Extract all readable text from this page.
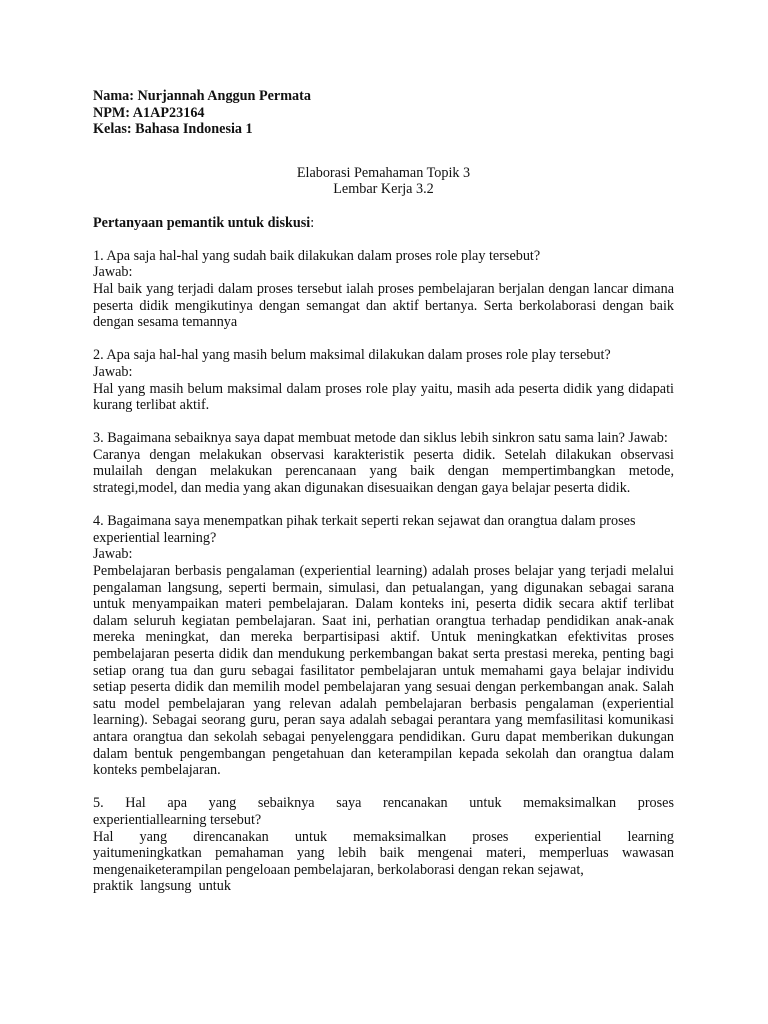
Nama: Nurjannah Anggun Permata
NPM: A1AP23164
Kelas: Bahasa Indonesia 1
Elaborasi Pemahaman Topik 3
Lembar Kerja 3.2
Pertanyaan pemantik untuk diskusi:
1. Apa saja hal-hal yang sudah baik dilakukan dalam proses role play tersebut?
Jawab:
Hal baik yang terjadi dalam proses tersebut ialah proses pembelajaran berjalan dengan lancar dimana peserta didik mengikutinya dengan semangat dan aktif bertanya. Serta berkolaborasi dengan baik dengan sesama temannya
2. Apa saja hal-hal yang masih belum maksimal dilakukan dalam proses role play tersebut?
Jawab:
Hal yang masih belum maksimal dalam proses role play yaitu, masih ada peserta didik yang didapati kurang terlibat aktif.
3. Bagaimana sebaiknya saya dapat membuat metode dan siklus lebih sinkron satu sama lain? Jawab:
Caranya dengan melakukan observasi karakteristik peserta didik. Setelah dilakukan observasi mulailah dengan melakukan perencanaan yang baik dengan mempertimbangkan metode, strategi,model, dan media yang akan digunakan disesuaikan dengan gaya belajar peserta didik.
4. Bagaimana saya menempatkan pihak terkait seperti rekan sejawat dan orangtua dalam proses experiential learning?
Jawab:
Pembelajaran berbasis pengalaman (experiential learning) adalah proses belajar yang terjadi melalui pengalaman langsung, seperti bermain, simulasi, dan petualangan, yang digunakan sebagai sarana untuk menyampaikan materi pembelajaran. Dalam konteks ini, peserta didik secara aktif terlibat dalam seluruh kegiatan pembelajaran. Saat ini, perhatian orangtua terhadap pendidikan anak-anak mereka meningkat, dan mereka berpartisipasi aktif. Untuk meningkatkan efektivitas proses pembelajaran peserta didik dan mendukung perkembangan bakat serta prestasi mereka, penting bagi setiap orang tua dan guru sebagai fasilitator pembelajaran untuk memahami gaya belajar individu setiap peserta didik dan memilih model pembelajaran yang sesuai dengan perkembangan anak. Salah satu model pembelajaran yang relevan adalah pembelajaran berbasis pengalaman (experiential learning). Sebagai seorang guru, peran saya adalah sebagai perantara yang memfasilitasi komunikasi antara orangtua dan sekolah sebagai penyelenggara pendidikan. Guru dapat memberikan dukungan dalam bentuk pengembangan pengetahuan dan keterampilan kepada sekolah dan orangtua dalam konteks pembelajaran.
5. Hal apa yang sebaiknya saya rencanakan untuk memaksimalkan proses
experientiallearning tersebut?
Hal yang direncanakan untuk memaksimalkan proses experiential learning
yaitumeningkatkan pemahaman yang lebih baik mengenai materi, memperluas wawasan mengenaiketerampilan pengeloaan pembelajaran, berkolaborasi dengan rekan sejawat,
praktik  langsung  untuk
